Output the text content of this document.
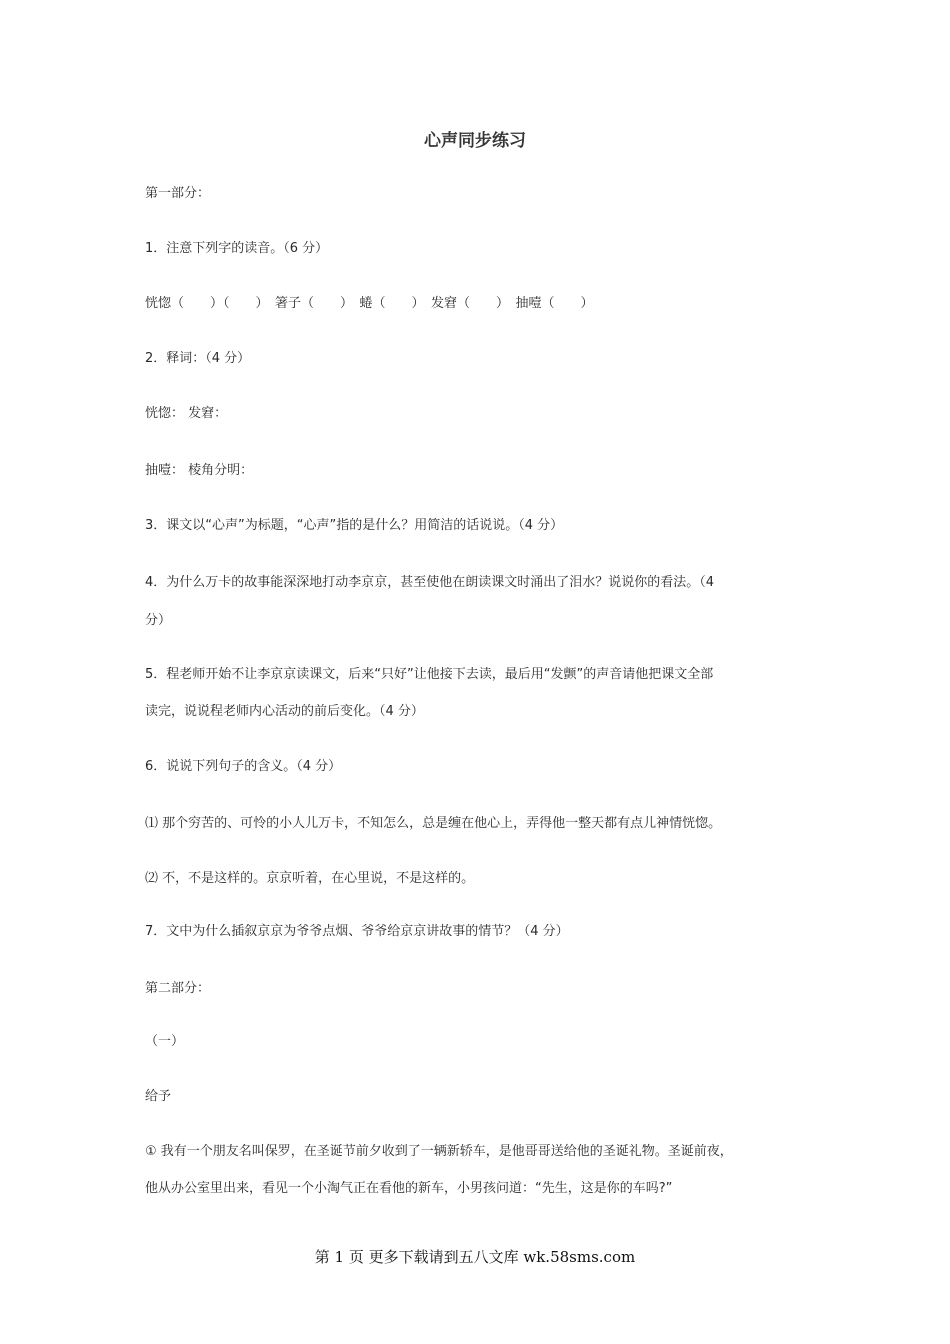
心声同步练习
第一部分：
1．注意下列字的读音。（6 分）
恍惚（　　）（　　）　箸子（　　）　蜷（　　）　发窘（　　）　抽噎（　　）
2．释词：（4 分）
恍惚： 发窘：
抽噎： 棱角分明：
3．课文以“心声”为标题，“心声”指的是什么？用简洁的话说说。（4 分）
4．为什么万卡的故事能深深地打动李京京，甚至使他在朗读课文时涌出了泪水？说说你的看法。（4
分）
5．程老师开始不让李京京读课文，后来“只好”让他接下去读，最后用“发颤”的声音请他把课文全部
读完，说说程老师内心活动的前后变化。（4 分）
6．说说下列句子的含义。（4 分）
⑴ 那个穷苦的、可怜的小人儿万卡，不知怎么，总是缠在他心上，弄得他一整天都有点儿神情恍惚。
⑵ 不，不是这样的。京京听着，在心里说，不是这样的。
7．文中为什么插叙京京为爷爷点烟、爷爷给京京讲故事的情节？（4 分）
第二部分：
（一）
给予
① 我有一个朋友名叫保罗，在圣诞节前夕收到了一辆新轿车，是他哥哥送给他的圣诞礼物。圣诞前夜，
他从办公室里出来，看见一个小淘气正在看他的新车，小男孩问道：“先生，这是你的车吗?”
第 1 页 更多下载请到五八文库 wk.58sms.com
